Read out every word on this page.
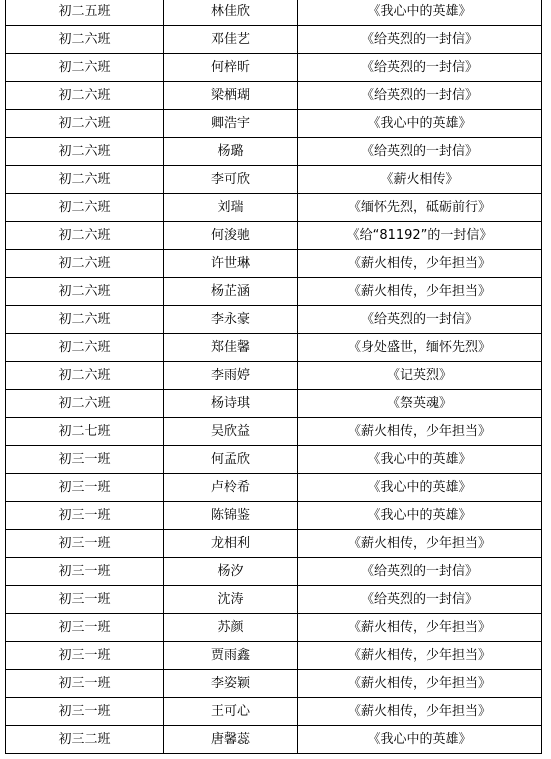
初二五班	林佳欣	《我心中的英雄》
初二六班	邓佳艺	《给英烈的一封信》
初二六班	何梓昕	《给英烈的一封信》
初二六班	梁栖瑚	《给英烈的一封信》
初二六班	卿浩宇	《我心中的英雄》
初二六班	杨璐	《给英烈的一封信》
初二六班	李可欣	《薪火相传》
初二六班	刘瑞	《缅怀先烈，砥砺前行》
初二六班	何浚驰	《给“81192”的一封信》
初二六班	许世琳	《薪火相传，少年担当》
初二六班	杨芷涵	《薪火相传，少年担当》
初二六班	李永豪	《给英烈的一封信》
初二六班	郑佳馨	《身处盛世，缅怀先烈》
初二六班	李雨婷	《记英烈》
初二六班	杨诗琪	《祭英魂》
初二七班	吴欣益	《薪火相传，少年担当》
初三一班	何孟欣	《我心中的英雄》
初三一班	卢柃希	《我心中的英雄》
初三一班	陈锦鉴	《我心中的英雄》
初三一班	龙相利	《薪火相传，少年担当》
初三一班	杨汐	《给英烈的一封信》
初三一班	沈涛	《给英烈的一封信》
初三一班	苏颜	《薪火相传，少年担当》
初三一班	贾雨鑫	《薪火相传，少年担当》
初三一班	李姿颖	《薪火相传，少年担当》
初三一班	王可心	《薪火相传，少年担当》
初三二班	唐馨蕊	《我心中的英雄》
